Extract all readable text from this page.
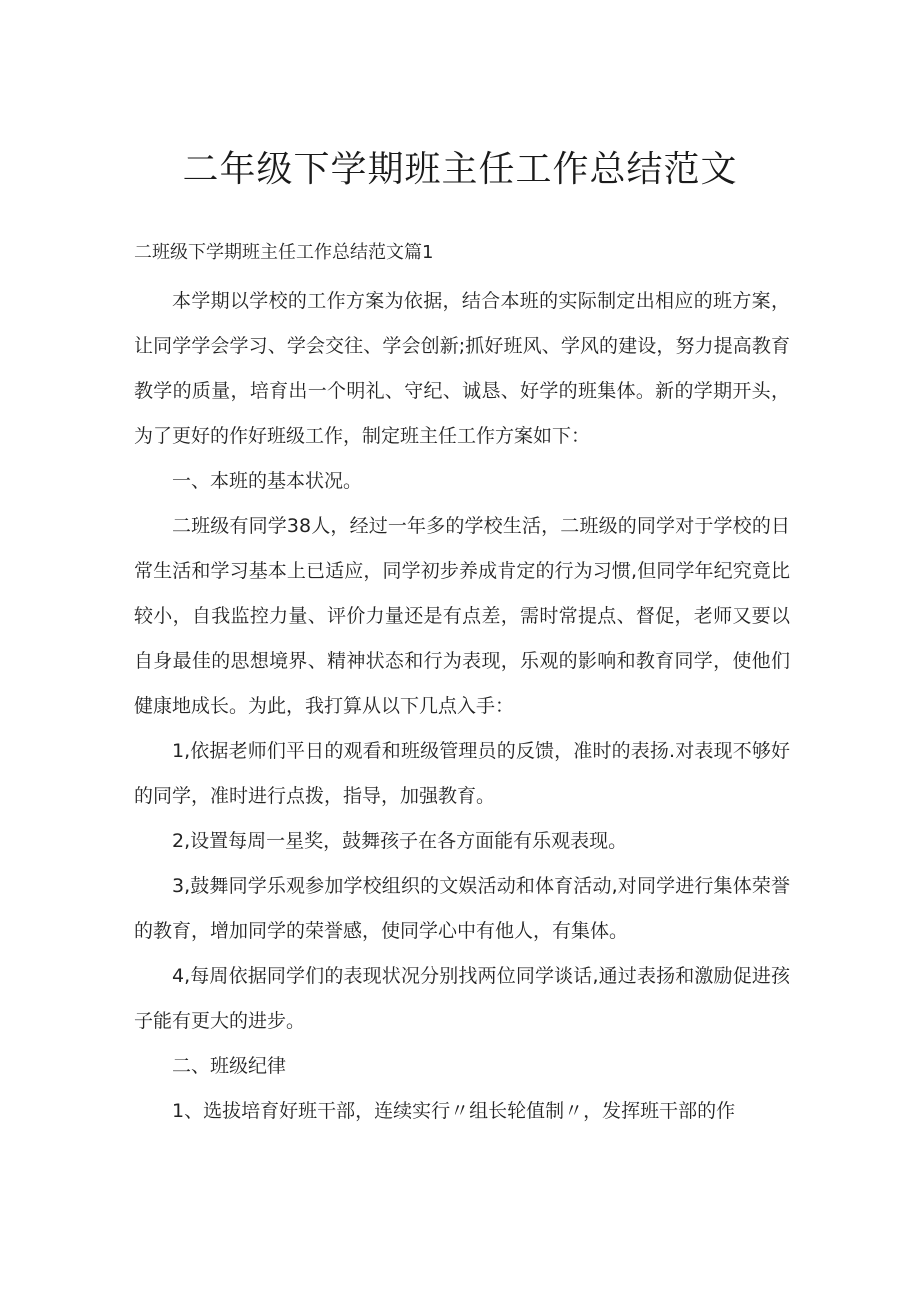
二年级下学期班主任工作总结范文
二班级下学期班主任工作总结范文篇1

本学期以学校的工作方案为依据，结合本班的实际制定出相应的班方案，让同学学会学习、学会交往、学会创新;抓好班风、学风的建设，努力提高教育教学的质量，培育出一个明礼、守纪、诚恳、好学的班集体。新的学期开头，为了更好的作好班级工作，制定班主任工作方案如下：

一、本班的基本状况。

二班级有同学38人，经过一年多的学校生活，二班级的同学对于学校的日常生活和学习基本上已适应，同学初步养成肯定的行为习惯,但同学年纪究竟比较小，自我监控力量、评价力量还是有点差，需时常提点、督促，老师又要以自身最佳的思想境界、精神状态和行为表现，乐观的影响和教育同学，使他们健康地成长。为此，我打算从以下几点入手：

1,依据老师们平日的观看和班级管理员的反馈，准时的表扬.对表现不够好的同学，准时进行点拨，指导，加强教育。

2,设置每周一星奖，鼓舞孩子在各方面能有乐观表现。

3,鼓舞同学乐观参加学校组织的文娱活动和体育活动,对同学进行集体荣誉的教育，增加同学的荣誉感，使同学心中有他人，有集体。

4,每周依据同学们的表现状况分别找两位同学谈话,通过表扬和激励促进孩子能有更大的进步。

二、班级纪律

1、选拔培育好班干部，连续实行〃组长轮值制〃，发挥班干部的作
